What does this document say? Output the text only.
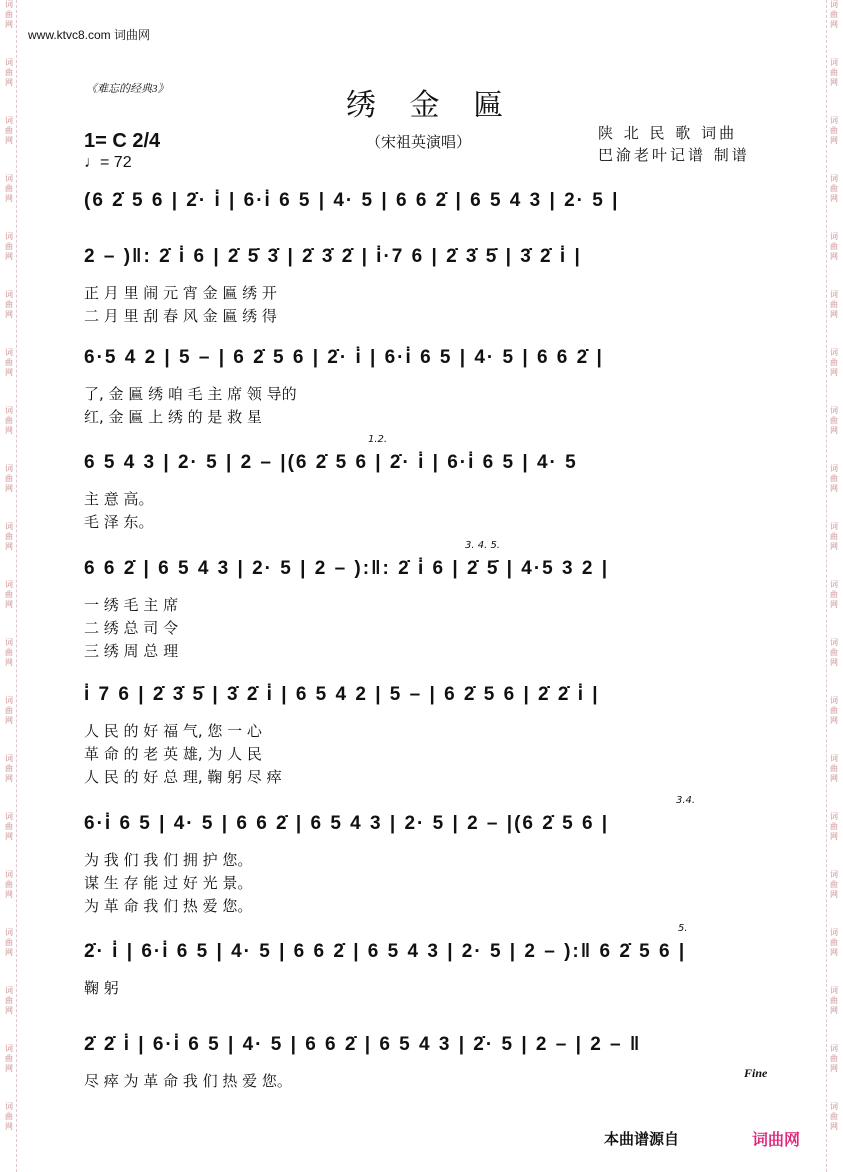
词
曲
网
词
曲
网
词
曲
网
词
曲
网
词
曲
网
词
曲
网
词
曲
网
词
曲
网
词
曲
网
词
曲
网
词
曲
网
词
曲
网
词
曲
网
词
曲
网
词
曲
网
词
曲
网
词
曲
网
词
曲
网
词
曲
网
词
曲
网
词
曲
网
词
曲
网
词
曲
网
词
曲
网
词
曲
网
词
曲
网
词
曲
网
词
曲
网
词
曲
网
词
曲
网
词
曲
网
词
曲
网
词
曲
网
词
曲
网
词
曲
网
词
曲
网
词
曲
网
词
曲
网
词
曲
网
词
曲
网
www.ktvc8.com 词曲网
《难忘的经典3》	绣 金 匾
（宋祖英演唱）	陕 北 民 歌 词曲
巴渝老叶记谱 制谱
1= C 2/4
♩= 72
(6 2̇ 5 6 | 2̇· i̇ | 6·i̇ 6 5 | 4· 5 | 6 6 2̇ | 6 5 4 3 | 2· 5 |
2 – )‖: 2̇ i̇ 6 | 2̇ 5̇ 3̇ | 2̇ 3̇ 2̇ | i̇·7 6 | 2̇ 3̇ 5̇ | 3̇ 2̇ i̇ |
正 月 里 闹 元 宵 金 匾 绣 开
二 月 里 刮 春 风 金 匾 绣 得
6·5 4 2 | 5 – | 6 2̇ 5 6 | 2̇· i̇ | 6·i̇ 6 5 | 4· 5 | 6 6 2̇ |
了, 金 匾 绣 咱 毛 主 席 领 导的
红, 金 匾 上 绣 的 是 救 星
1.2.
6 5 4 3 | 2· 5 | 2 – |(6 2̇ 5 6 | 2̇· i̇ | 6·i̇ 6 5 | 4· 5
主 意 高。
毛 泽 东。
3. 4. 5.
6 6 2̇ | 6 5 4 3 | 2· 5 | 2 – ):‖: 2̇ i̇ 6 | 2̇ 5̇ | 4·5 3 2 |
一 绣 毛 主 席
二 绣 总 司 令
三 绣 周 总 理
i̇ 7 6 | 2̇ 3̇ 5̇ | 3̇ 2̇ i̇ | 6 5 4 2 | 5 – | 6 2̇ 5 6 | 2̇ 2̇ i̇ |
人 民 的 好 福 气, 您 一 心
革 命 的 老 英 雄, 为 人 民
人 民 的 好 总 理, 鞠 躬 尽 瘁
3.4.
6·i̇ 6 5 | 4· 5 | 6 6 2̇ | 6 5 4 3 | 2· 5 | 2 – |(6 2̇ 5 6 |
为 我 们 我 们 拥 护 您。
谋 生 存 能 过 好 光 景。
为 革 命 我 们 热 爱 您。
5.
2̇· i̇ | 6·i̇ 6 5 | 4· 5 | 6 6 2̇ | 6 5 4 3 | 2· 5 | 2 – ):‖ 6 2̇ 5 6 |
鞠 躬
2̇ 2̇ i̇ | 6·i̇ 6 5 | 4· 5 | 6 6 2̇ | 6 5 4 3 | 2̇· 5 | 2 – | 2 – ‖
尽 瘁 为 革 命 我 们 热 爱 您。	Fine
本曲谱源自	词曲网
